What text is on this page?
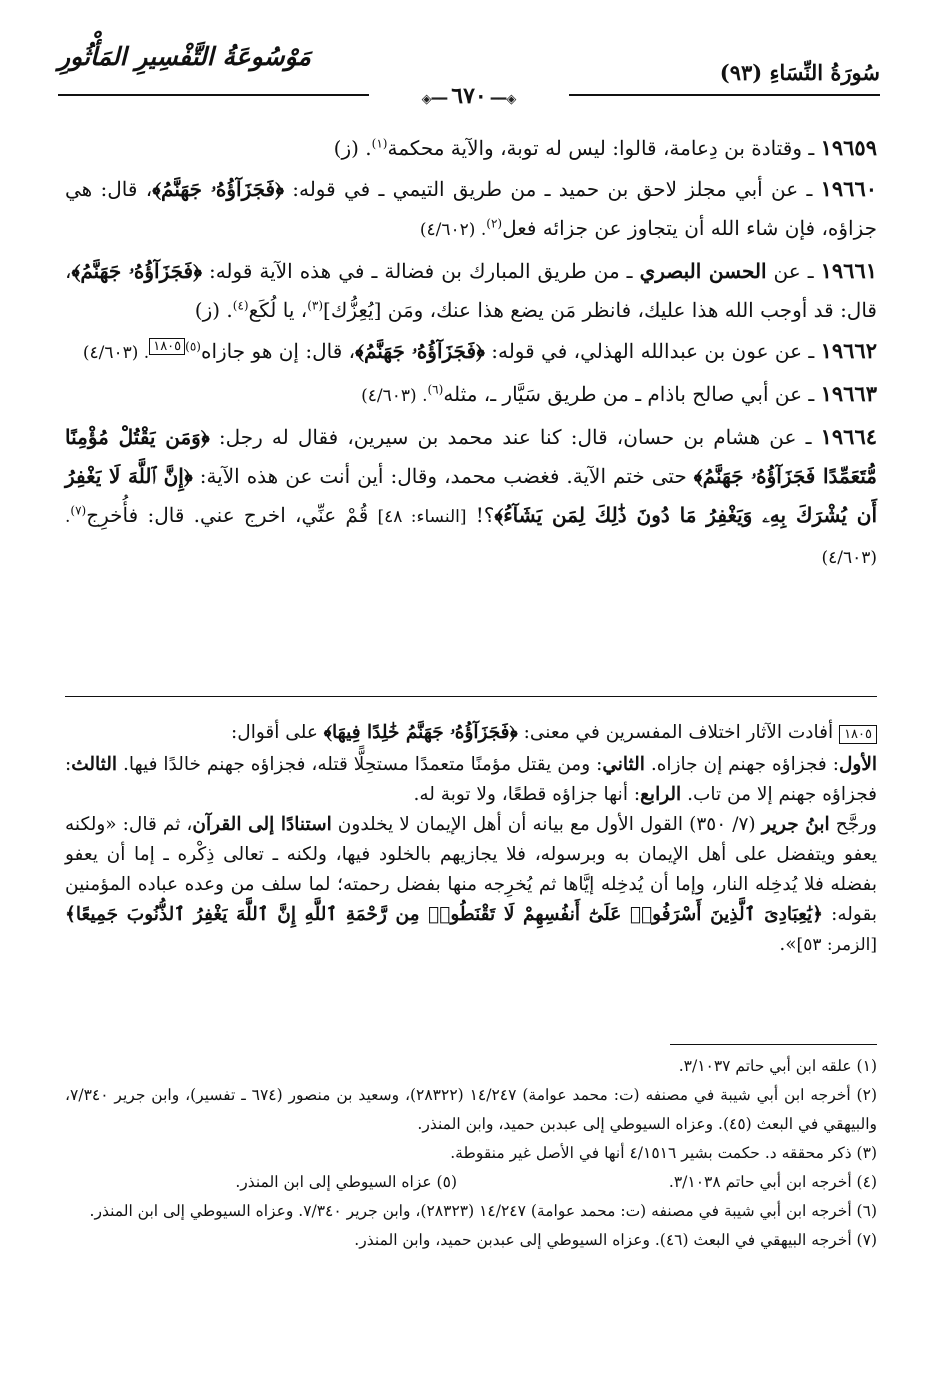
سُورَةُ النِّسَاءِ (٩٣)
مَوْسُوعَةُ التَّفْسِيرِ المَأْثُورِ
◈━━٦٧٠━━◈
١٩٦٥٩ ـ وقتادة بن دِعامة، قالوا: ليس له توبة، والآية محكمة$^{(١)}$. (ز)
١٩٦٦٠ ـ عن أبي مجلز لاحق بن حميد ـ من طريق التيمي ـ في قوله: ﴿فَجَزَآؤُهُۥ جَهَنَّمُ﴾، قال: هي جزاؤه، فإن شاء الله أن يتجاوز عن جزائه فعل$^{(٢)}$. (٤/٦٠٢)
١٩٦٦١ ـ عن الحسن البصري ـ من طريق المبارك بن فضالة ـ في هذه الآية قوله: ﴿فَجَزَآؤُهُۥ جَهَنَّمُ﴾، قال: قد أوجب الله هذا عليك، فانظر مَن يضع هذا عنك، ومَن [يُعِزُّك]$^{(٣)}$، يا لُكَع$^{(٤)}$. (ز)
١٩٦٦٢ ـ عن عون بن عبدالله الهذلي، في قوله: ﴿فَجَزَآؤُهُۥ جَهَنَّمُ﴾، قال: إن هو جازاه$^{(٥)١٨٠٥}$. (٤/٦٠٣)
١٩٦٦٣ ـ عن أبي صالح باذام ـ من طريق سَيَّار ـ، مثله$^{(٦)}$. (٤/٦٠٣)
١٩٦٦٤ ـ عن هشام بن حسان، قال: كنا عند محمد بن سيرين، فقال له رجل: ﴿وَمَن يَقْتُلْ مُؤْمِنًا مُّتَعَمِّدًا فَجَزَآؤُهُۥ جَهَنَّمُ﴾ حتى ختم الآية. فغضب محمد، وقال: أين أنت عن هذه الآية: ﴿إِنَّ ٱللَّهَ لَا يَغْفِرُ أَن يُشْرَكَ بِهِۦ وَيَغْفِرُ مَا دُونَ ذَٰلِكَ لِمَن يَشَآءُ﴾؟! [النساء: ٤٨] قُمْ عنِّي، اخرج عني. قال: فأُخرِج$^{(٧)}$. (٤/٦٠٣)

١٨٠٥ أفادت الآثار اختلاف المفسرين في معنى: ﴿فَجَزَآؤُهُۥ جَهَنَّمُ خَٰلِدًا فِيهَا﴾ على أقوال:

الأول: فجزاؤه جهنم إن جازاه. الثاني: ومن يقتل مؤمنًا متعمدًا مستحِلًّا قتله، فجزاؤه جهنم خالدًا فيها. الثالث: فجزاؤه جهنم إلا من تاب. الرابع: أنها جزاؤه قطعًا، ولا توبة له.

ورجَّح ابنُ جرير (٧/ ٣٥٠) القول الأول مع بيانه أن أهل الإيمان لا يخلدون استنادًا إلى القرآن، ثم قال: «ولكنه يعفو ويتفضل على أهل الإيمان به وبرسوله، فلا يجازيهم بالخلود فيها، ولكنه ـ تعالى ذِكْره ـ إما أن يعفو بفضله فلا يُدخِله النار، وإما أن يُدخِله إيَّاها ثم يُخرِجه منها بفضل رحمته؛ لما سلف من وعده عباده المؤمنين بقوله: ﴿يَٰعِبَادِىَ ٱلَّذِينَ أَسْرَفُوا۟ عَلَىٰٓ أَنفُسِهِمْ لَا تَقْنَطُوا۟ مِن رَّحْمَةِ ٱللَّهِ إِنَّ ٱللَّهَ يَغْفِرُ ٱلذُّنُوبَ جَمِيعًا﴾ [الزمر: ٥٣]».

(١) علقه ابن أبي حاتم ٣/١٠٣٧.

(٢) أخرجه ابن أبي شيبة في مصنفه (ت: محمد عوامة) ١٤/٢٤٧ (٢٨٣٢٢)، وسعيد بن منصور (٦٧٤ ـ تفسير)، وابن جرير ٧/٣٤٠، والبيهقي في البعث (٤٥). وعزاه السيوطي إلى عبدبن حميد، وابن المنذر.

(٣) ذكر محققه د. حكمت بشير ٤/١٥١٦ أنها في الأصل غير منقوطة.

(٤) أخرجه ابن أبي حاتم ٣/١٠٣٨.
(٥) عزاه السيوطي إلى ابن المنذر.

(٦) أخرجه ابن أبي شيبة في مصنفه (ت: محمد عوامة) ١٤/٢٤٧ (٢٨٣٢٣)، وابن جرير ٧/٣٤٠. وعزاه السيوطي إلى ابن المنذر.

(٧) أخرجه البيهقي في البعث (٤٦). وعزاه السيوطي إلى عبدبن حميد، وابن المنذر.
